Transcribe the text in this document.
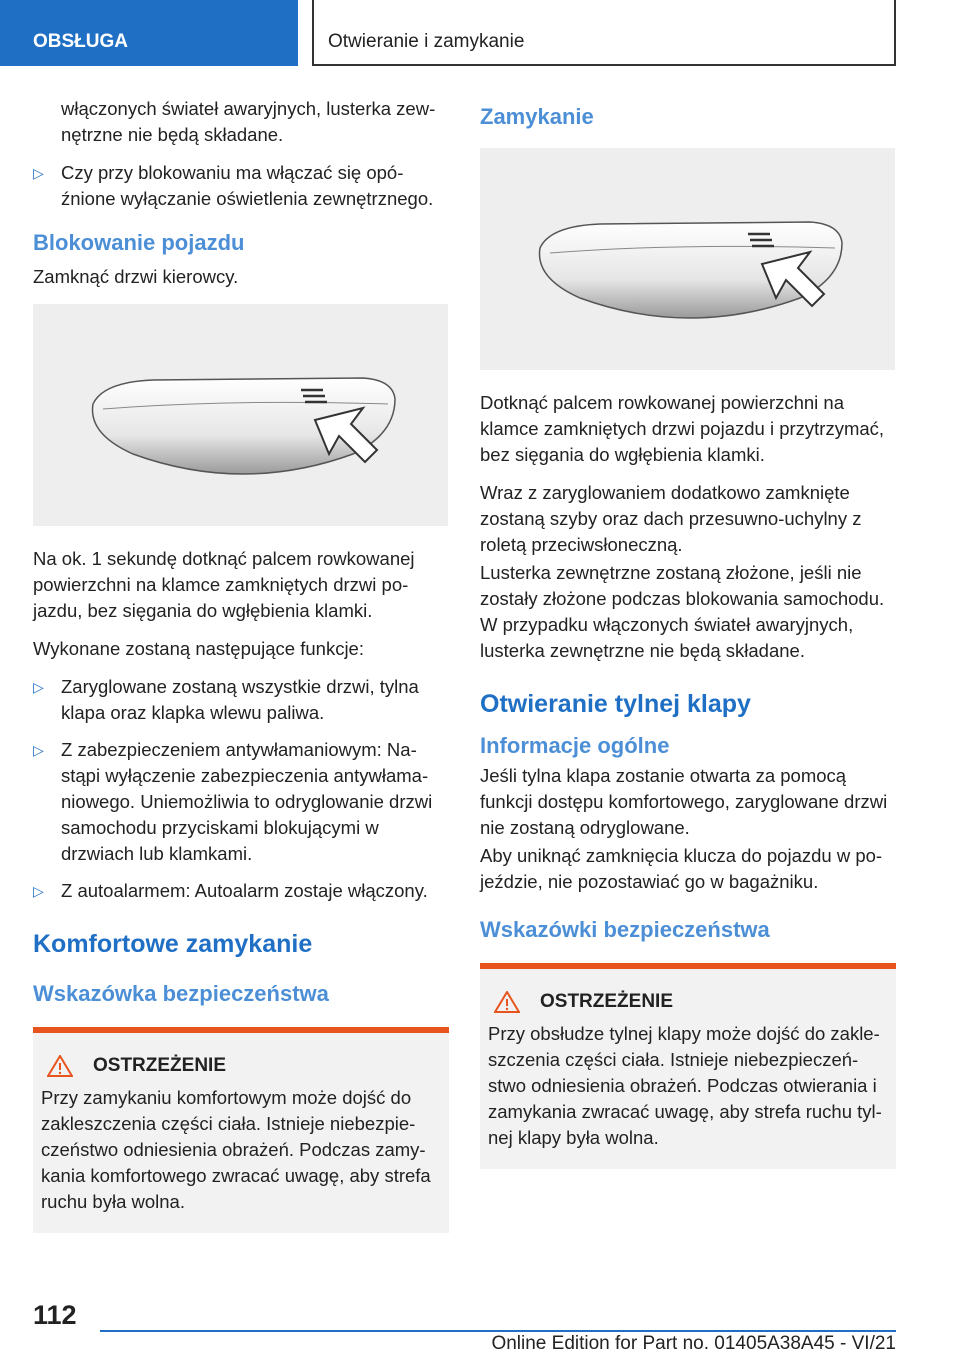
OBSŁUGA	Otwieranie i zamykanie

włączonych świateł awaryjnych, lusterka zew-nętrzne nie będą składane.

▷ Czy przy blokowaniu ma włączać się opó-źnione wyłączanie oświetlenia zewnętrznego.
Blokowanie pojazdu

Zamknąć drzwi kierowcy.

Na ok. 1 sekundę dotknąć palcem rowkowanej powierzchni na klamce zamkniętych drzwi po-jazdu, bez sięgania do wgłębienia klamki.

Wykonane zostaną następujące funkcje:

▷ Zaryglowane zostaną wszystkie drzwi, tylna klapa oraz klapka wlewu paliwa.
▷ Z zabezpieczeniem antywłamaniowym: Na-stąpi wyłączenie zabezpieczenia antywłama-niowego. Uniemożliwia to odryglowanie drzwi samochodu przyciskami blokującymi w drzwiach lub klamkami.
▷ Z autoalarmem: Autoalarm zostaje włączony.
Komfortowe zamykanie
Wskazówka bezpieczeństwa
OSTRZEŻENIE

Przy zamykaniu komfortowym może dojść do zakleszczenia części ciała. Istnieje niebezpie-czeństwo odniesienia obrażeń. Podczas zamy-kania komfortowego zwracać uwagę, aby strefa ruchu była wolna.

Zamykanie

Dotknąć palcem rowkowanej powierzchni na klamce zamkniętych drzwi pojazdu i przytrzymać, bez sięgania do wgłębienia klamki.

Wraz z zaryglowaniem dodatkowo zamknięte zostaną szyby oraz dach przesuwno-uchylny z roletą przeciwsłoneczną.

Lusterka zewnętrzne zostaną złożone, jeśli nie zostały złożone podczas blokowania samochodu. W przypadku włączonych świateł awaryjnych, lusterka zewnętrzne nie będą składane.

Otwieranie tylnej klapy
Informacje ogólne

Jeśli tylna klapa zostanie otwarta za pomocą funkcji dostępu komfortowego, zaryglowane drzwi nie zostaną odryglowane.

Aby uniknąć zamknięcia klucza do pojazdu w po-jeździe, nie pozostawiać go w bagażniku.

Wskazówki bezpieczeństwa
OSTRZEŻENIE

Przy obsłudze tylnej klapy może dojść do zakle-szczenia części ciała. Istnieje niebezpieczeń-stwo odniesienia obrażeń. Podczas otwierania i zamykania zwracać uwagę, aby strefa ruchu tyl-nej klapy była wolna.

112
Online Edition for Part no. 01405A38A45 - VI/21
